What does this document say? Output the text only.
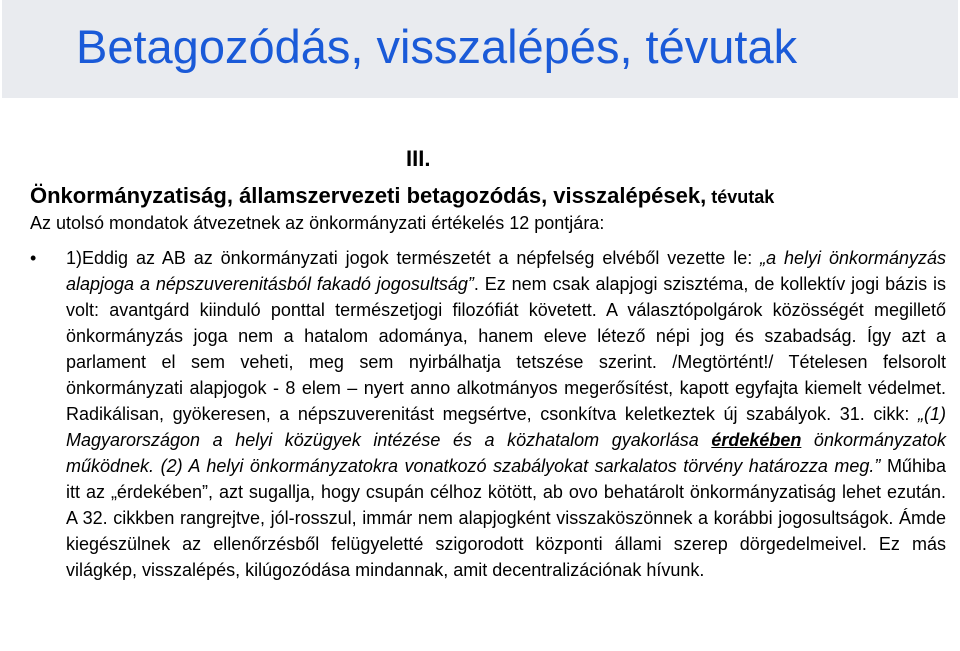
Betagozódás, visszalépés, tévutak
III.
Önkormányzatiság, államszervezeti betagozódás, visszalépések, tévutak
Az utolsó mondatok átvezetnek az önkormányzati értékelés 12 pontjára:
• 1)Eddig az AB az önkormányzati jogok természetét a népfelség elvéből vezette le: „a helyi önkormányzás alapjoga a népszuverenitásból fakadó jogosultság”. Ez nem csak alapjogi szisztéma, de kollektív jogi bázis is volt: avantgárd kiinduló ponttal természetjogi filozófiát követett. A választópolgárok közösségét megillető önkormányzás joga nem a hatalom adománya, hanem eleve létező népi jog és szabadság. Így azt a parlament el sem veheti, meg sem nyirbálhatja tetszése szerint. /Megtörtént!/ Tételesen felsorolt önkormányzati alapjogok - 8 elem – nyert anno alkotmányos megerősítést, kapott egyfajta kiemelt védelmet. Radikálisan, gyökeresen, a népszuverenitást megsértve, csonkítva keletkeztek új szabályok. 31. cikk: „(1) Magyarországon a helyi közügyek intézése és a közhatalom gyakorlása érdekében önkormányzatok működnek. (2) A helyi önkormányzatokra vonatkozó szabályokat sarkalatos törvény határozza meg.” Műhiba itt az „érdekében”, azt sugallja, hogy csupán célhoz kötött, ab ovo behatárolt önkormányzatiság lehet ezután. A 32. cikkben rangrejtve, jól-rosszul, immár nem alapjogként visszaköszönnek a korábbi jogosultságok. Ámde kiegészülnek az ellenőrzésből felügyeletté szigorodott központi állami szerep dörgedelmeivel. Ez más világkép, visszalépés, kilúgozódása mindannak, amit decentralizációnak hívunk.
